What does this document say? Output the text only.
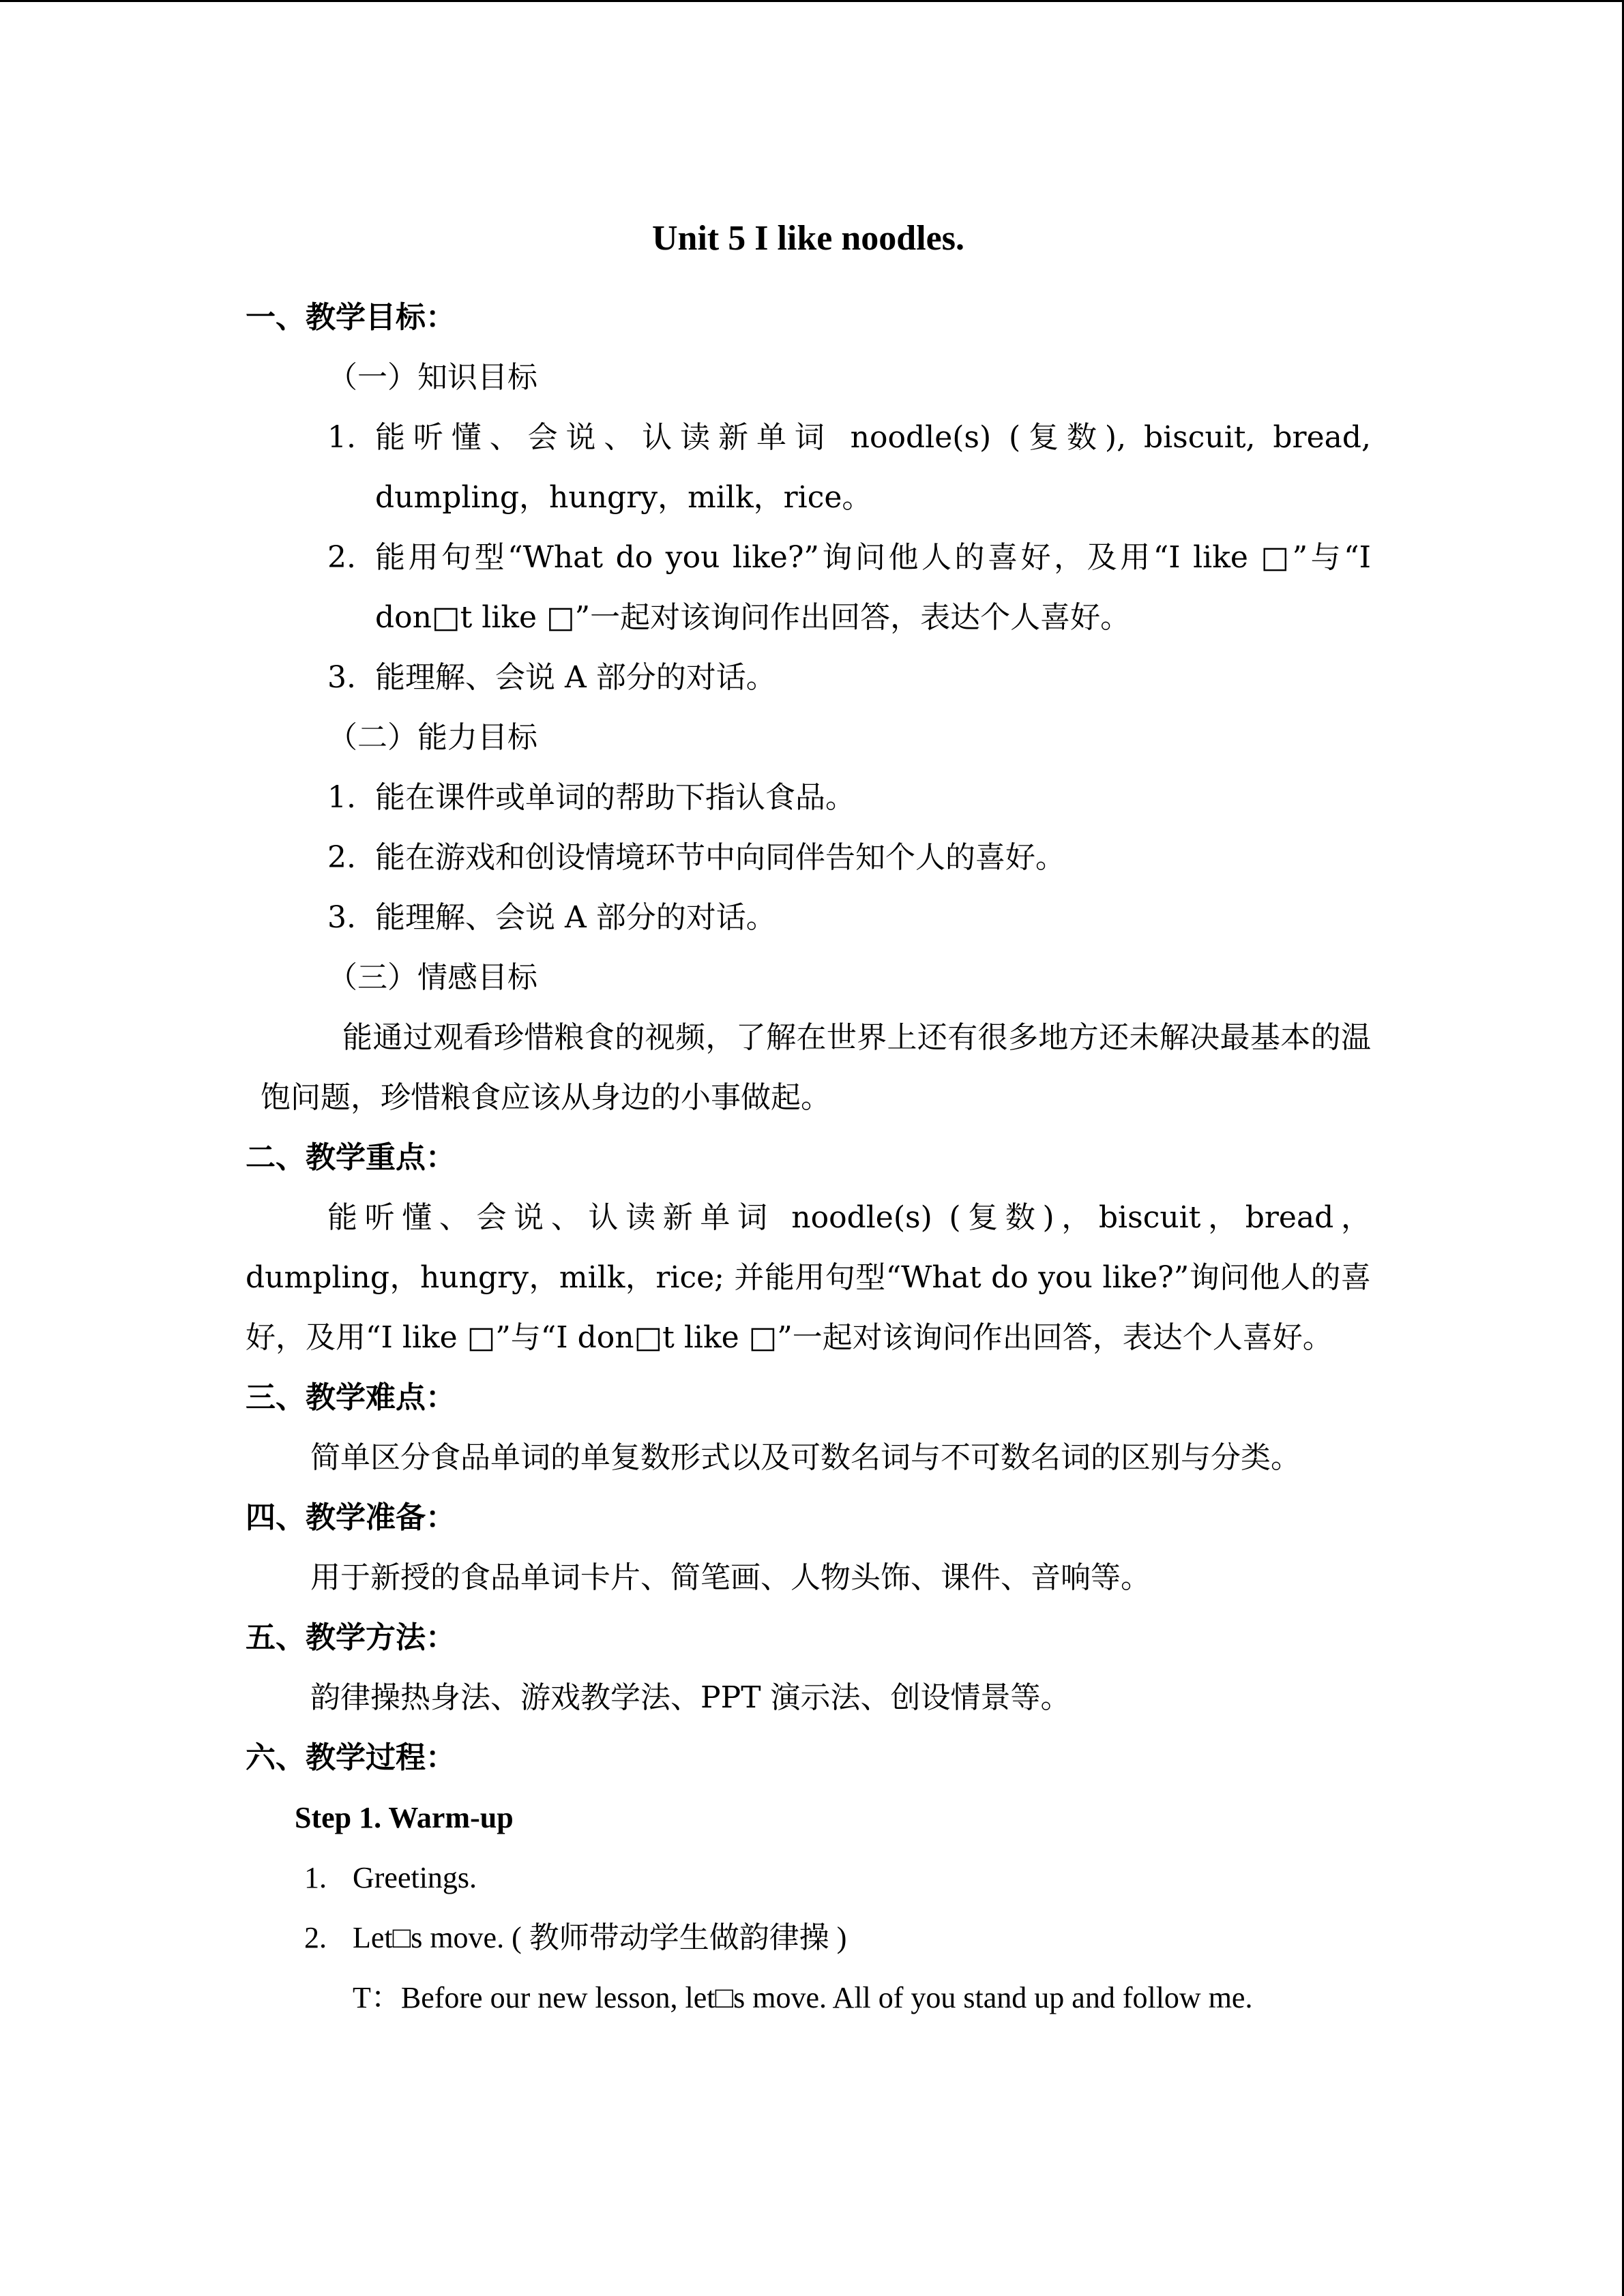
Unit 5 I like noodles.
一、教学目标：
（一）知识目标
1. 能听懂、会说、认读新单词 noodle(s) (复数), biscuit, bread, dumpling，hungry，milk，rice。
2. 能用句型“What do you like?”询问他人的喜好，及用“I like □”与“I don□t like □”一起对该询问作出回答，表达个人喜好。
3. 能理解、会说 A 部分的对话。
（二）能力目标
1. 能在课件或单词的帮助下指认食品。
2. 能在游戏和创设情境环节中向同伴告知个人的喜好。
3. 能理解、会说 A 部分的对话。
（三）情感目标
能通过观看珍惜粮食的视频，了解在世界上还有很多地方还未解决最基本的温饱问题，珍惜粮食应该从身边的小事做起。
二、教学重点：
能听懂、会说、认读新单词 noodle(s) (复数)，biscuit，bread，dumpling，hungry，milk，rice; 并能用句型“What do you like?”询问他人的喜好，及用“I like □”与“I don□t like □”一起对该询问作出回答，表达个人喜好。
三、教学难点：
简单区分食品单词的单复数形式以及可数名词与不可数名词的区别与分类。
四、教学准备：
用于新授的食品单词卡片、简笔画、人物头饰、课件、音响等。
五、教学方法：
韵律操热身法、游戏教学法、PPT 演示法、创设情景等。
六、教学过程：
Step 1. Warm-up
1. Greetings.
2. Let□s move. ( 教师带动学生做韵律操 )
T：Before our new lesson, let□s move. All of you stand up and follow me.
